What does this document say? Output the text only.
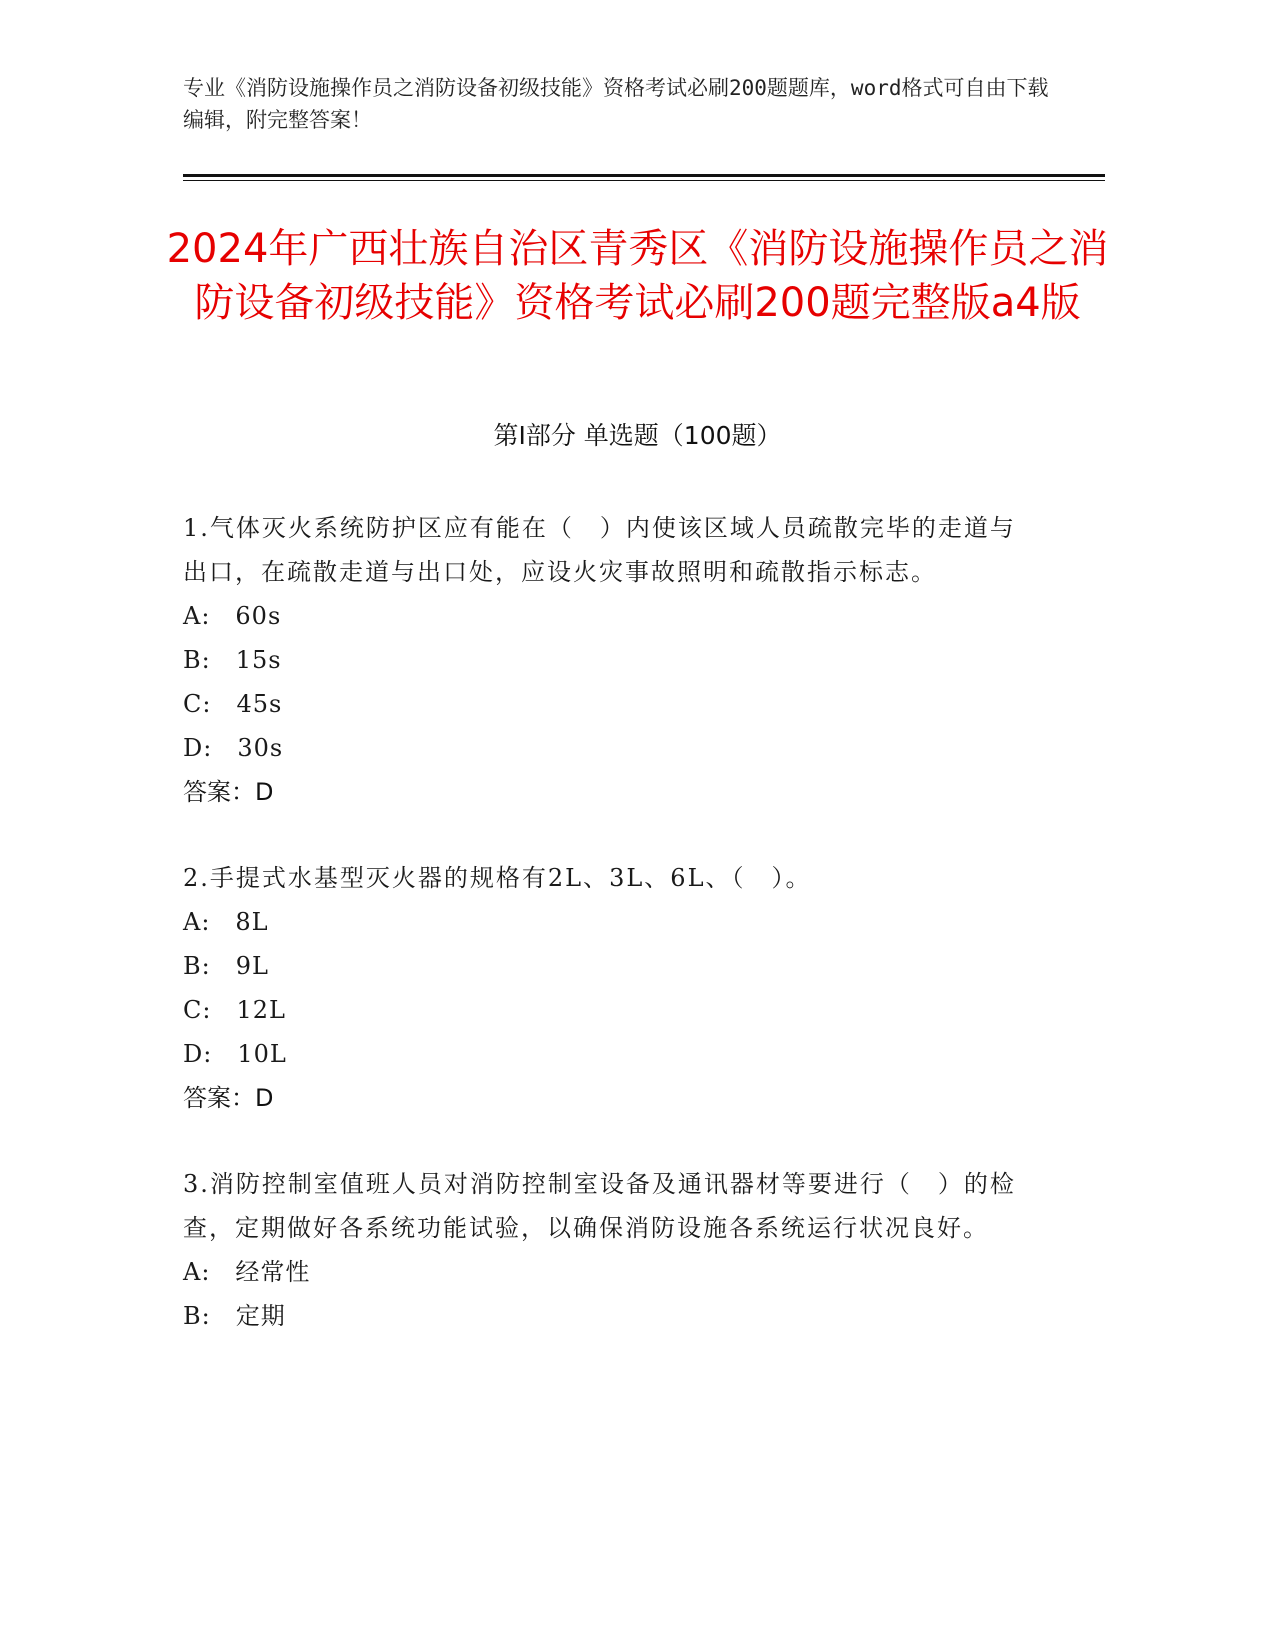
专业《消防设施操作员之消防设备初级技能》资格考试必刷200题题库，word格式可自由下载编辑，附完整答案！
2024年广西壮族自治区青秀区《消防设施操作员之消防设备初级技能》资格考试必刷200题完整版a4版
第Ⅰ部分 单选题（100题）
1.气体灭火系统防护区应有能在（　）内使该区域人员疏散完毕的走道与出口，在疏散走道与出口处，应设火灾事故照明和疏散指示标志。
A:　60s
B:　15s
C:　45s
D:　30s
答案：D
2.手提式水基型灭火器的规格有2L、3L、6L、（　）。
A:　8L
B:　9L
C:　12L
D:　10L
答案：D
3.消防控制室值班人员对消防控制室设备及通讯器材等要进行（　）的检查，定期做好各系统功能试验，以确保消防设施各系统运行状况良好。
A:　经常性
B:　定期
